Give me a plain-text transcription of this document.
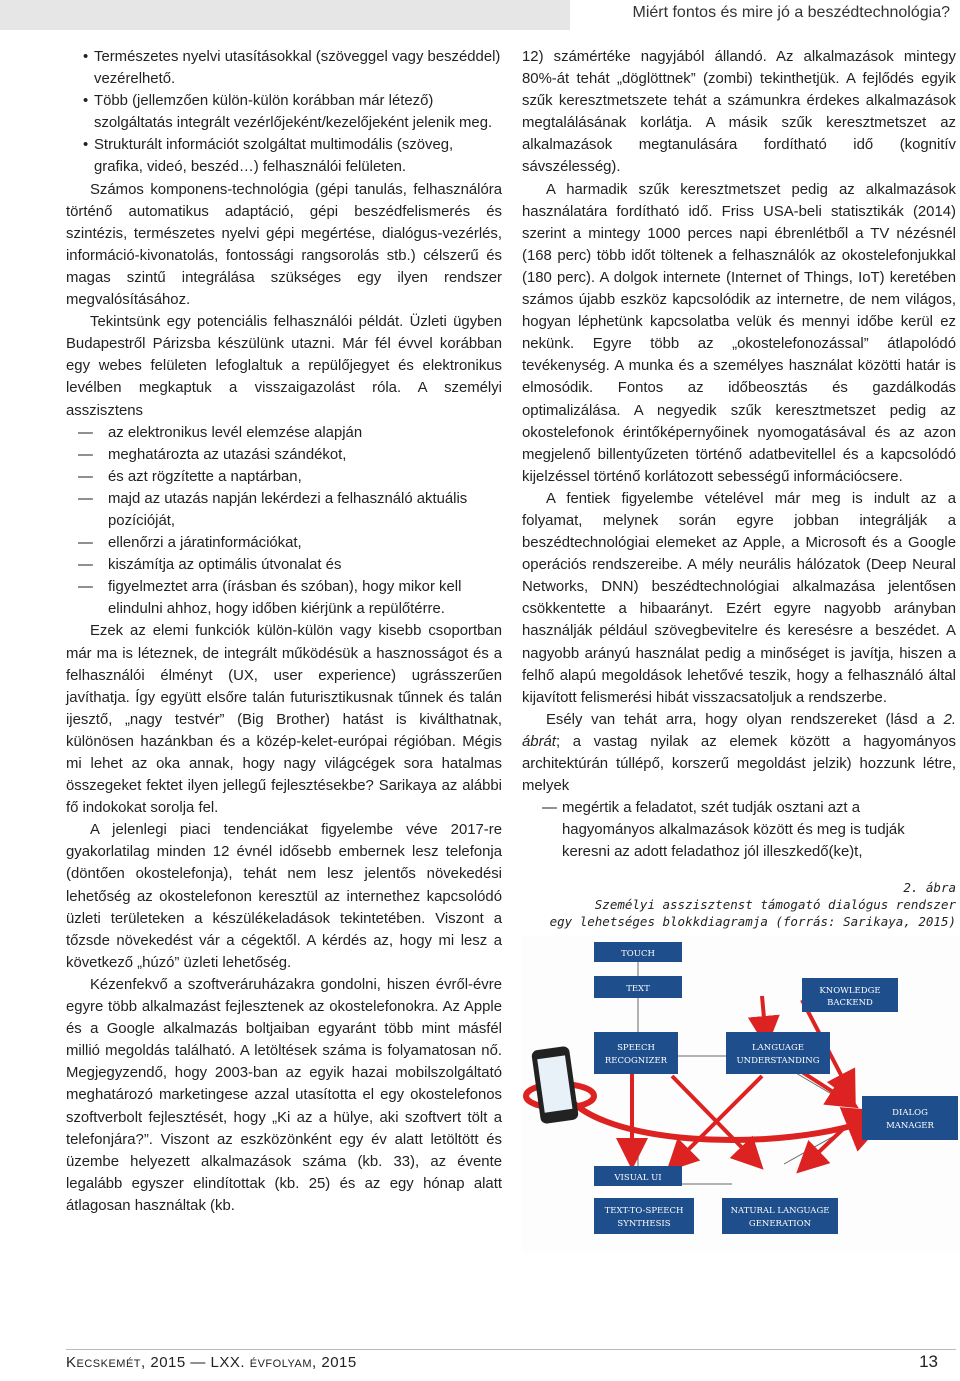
Miért fontos és mire jó a beszédtechnológia?
• Természetes nyelvi utasításokkal (szöveggel vagy beszéddel) vezérelhető.
• Több (jellemzően külön-külön korábban már létező) szolgáltatás integrált vezérlőjeként/kezelőjeként jelenik meg.
• Strukturált információt szolgáltat multimodális (szöveg, grafika, videó, beszéd…) felhasználói felületen.

Számos komponens-technológia (gépi tanulás, felhasználóra történő automatikus adaptáció, gépi beszédfelismerés és szintézis, természetes nyelvi gépi megértése, dialógus-vezérlés, információ-kivonatolás, fontossági rangsorolás stb.) célszerű és magas szintű integrálása szükséges egy ilyen rendszer megvalósításához.

Tekintsünk egy potenciális felhasználói példát. Üzleti ügyben Budapestről Párizsba készülünk utazni. Már fél évvel korábban egy webes felületen lefoglaltuk a repülőjegyet és elektronikus levélben megkaptuk a visszaigazolást róla. A személyi asszisztens

— az elektronikus levél elemzése alapján
— meghatározta az utazási szándékot,
— és azt rögzítette a naptárban,
— majd az utazás napján lekérdezi a felhasználó aktuális pozícióját,
— ellenőrzi a járatinformációkat,
— kiszámítja az optimális útvonalat és
— figyelmeztet arra (írásban és szóban), hogy mikor kell elindulni ahhoz, hogy időben kiérjünk a repülőtérre.

Ezek az elemi funkciók külön-külön vagy kisebb csoportban már ma is léteznek, de integrált működésük a hasznosságot és a felhasználói élményt (UX, user experience) ugrásszerűen javíthatja. Így együtt elsőre talán futurisztikusnak tűnnek és talán ijesztő, „nagy testvér” (Big Brother) hatást is kiválthatnak, különösen hazánkban és a közép-kelet-európai régióban. Mégis mi lehet az oka annak, hogy nagy világcégek sora hatalmas összegeket fektet ilyen jellegű fejlesztésekbe? Sarikaya az alábbi fő indokokat sorolja fel.

A jelenlegi piaci tendenciákat figyelembe véve 2017-re gyakorlatilag minden 12 évnél idősebb embernek lesz telefonja (döntően okostelefonja), tehát nem lesz jelentős növekedési lehetőség az okostelefonon keresztül az internethez kapcsolódó üzleti területeken a készülékeladások tekintetében. Viszont a tőzsde növekedést vár a cégektől. A kérdés az, hogy mi lesz a következő „húzó” üzleti lehetőség.

Kézenfekvő a szoftveráruházakra gondolni, hiszen évről-évre egyre több alkalmazást fejlesztenek az okostelefonokra. Az Apple és a Google alkalmazás boltjaiban egyaránt több mint másfél millió megoldás található. A letöltések száma is folyamatosan nő. Megjegyzendő, hogy 2003-ban az egyik hazai mobilszolgáltató meghatározó marketingese azzal utasította el egy okostelefonos szoftverbolt fejlesztését, hogy „Ki az a hülye, aki szoftvert tölt a telefonjára?”. Viszont az eszközönként egy év alatt letöltött és üzembe helyezett alkalmazások száma (kb. 33), az évente legalább egyszer elindítottak (kb. 25) és az egy hónap alatt átlagosan használtak (kb.

12) számértéke nagyjából állandó. Az alkalmazások mintegy 80%-át tehát „döglöttnek” (zombi) tekinthetjük. A fejlődés egyik szűk keresztmetszete tehát a számunkra érdekes alkalmazások megtalálásának korlátja. A másik szűk keresztmetszet az alkalmazások megtanulására fordítható idő (kognitív sávszélesség).

A harmadik szűk keresztmetszet pedig az alkalmazások használatára fordítható idő. Friss USA-beli statisztikák (2014) szerint a mintegy 1000 perces napi ébrenlétből a TV nézésnél (168 perc) több időt töltenek a felhasználók az okostelefonjukkal (180 perc). A dolgok internete (Internet of Things, IoT) keretében számos újabb eszköz kapcsolódik az internetre, de nem világos, hogyan léphetünk kapcsolatba velük és mennyi időbe kerül ez nekünk. Egyre több az „okostelefonozással” átlapolódó tevékenység. A munka és a személyes használat közötti határ is elmosódik. Fontos az időbeosztás és gazdálkodás optimalizálása. A negyedik szűk keresztmetszet pedig az okostelefonok érintőképernyőinek nyomogatásával és az azon megjelenő billentyűzeten történő adatbevitellel és a kapcsolódó kijelzéssel történő korlátozott sebességű információcsere.

A fentiek figyelembe vételével már meg is indult az a folyamat, melynek során egyre jobban integrálják a beszédtechnológiai elemeket az Apple, a Microsoft és a Google operációs rendszereibe. A mély neurális hálózatok (Deep Neural Networks, DNN) beszédtechnológiai alkalmazása jelentősen csökkentette a hibaarányt. Ezért egyre nagyobb arányban használják például szövegbevitelre és keresésre a beszédet. A nagyobb arányú használat pedig a minőséget is javítja, hiszen a felhő alapú megoldások lehetővé teszik, hogy a felhasználó által kijavított felismerési hibát visszacsatoljuk a rendszerbe.

Esély van tehát arra, hogy olyan rendszereket (lásd a 2. ábrát; a vastag nyilak az elemek között a hagyományos architektúrán túllépő, korszerű megoldást jelzik) hozzunk létre, melyek

— megértik a feladatot, szét tudják osztani azt a hagyományos alkalmazások között és meg is tudják keresni az adott feladathoz jól illeszkedő(ke)t,
2. ábra
Személyi asszisztenst támogató dialógus rendszer
egy lehetséges blokkdiagramja (forrás: Sarikaya, 2015)
TOUCH
TEXT	KNOWLEDGE
BACKEND
SPEECH
RECOGNIZER
LANGUAGE
UNDERSTANDING
DIALOG
MANAGER
VISUAL UI
TEXT-TO-SPEECH
SYNTHESIS
NATURAL LANGUAGE
GENERATION
Kecskemét, 2015 — LXX. évfolyam, 2015	13
